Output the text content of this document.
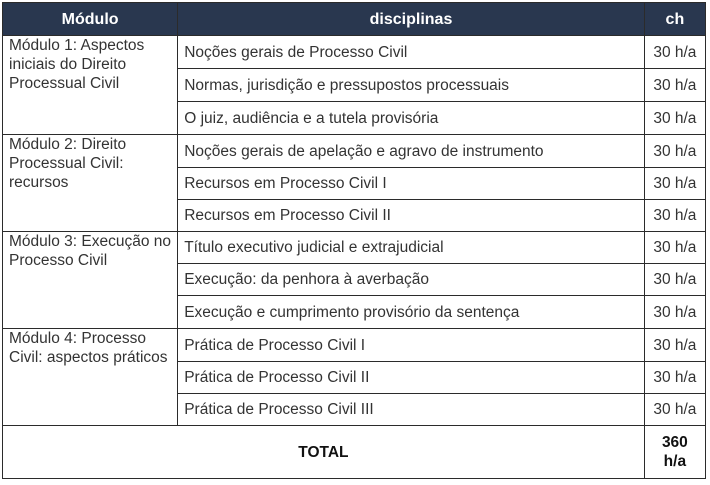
Módulo	disciplinas	ch
Módulo 1: Aspectos iniciais do Direito Processual Civil	Noções gerais de Processo Civil	30 h/a
	Normas, jurisdição e pressupostos processuais	30 h/a
	O juiz, audiência e a tutela provisória	30 h/a
Módulo 2: Direito Processual Civil: recursos	Noções gerais de apelação e agravo de instrumento	30 h/a
	Recursos em Processo Civil I	30 h/a
	Recursos em Processo Civil II	30 h/a
Módulo 3: Execução no Processo Civil	Título executivo judicial e extrajudicial	30 h/a
	Execução: da penhora à averbação	30 h/a
	Execução e cumprimento provisório da sentença	30 h/a
Módulo 4: Processo Civil: aspectos práticos	Prática de Processo Civil I	30 h/a
	Prática de Processo Civil II	30 h/a
	Prática de Processo Civil III	30 h/a
TOTAL		360 h/a
